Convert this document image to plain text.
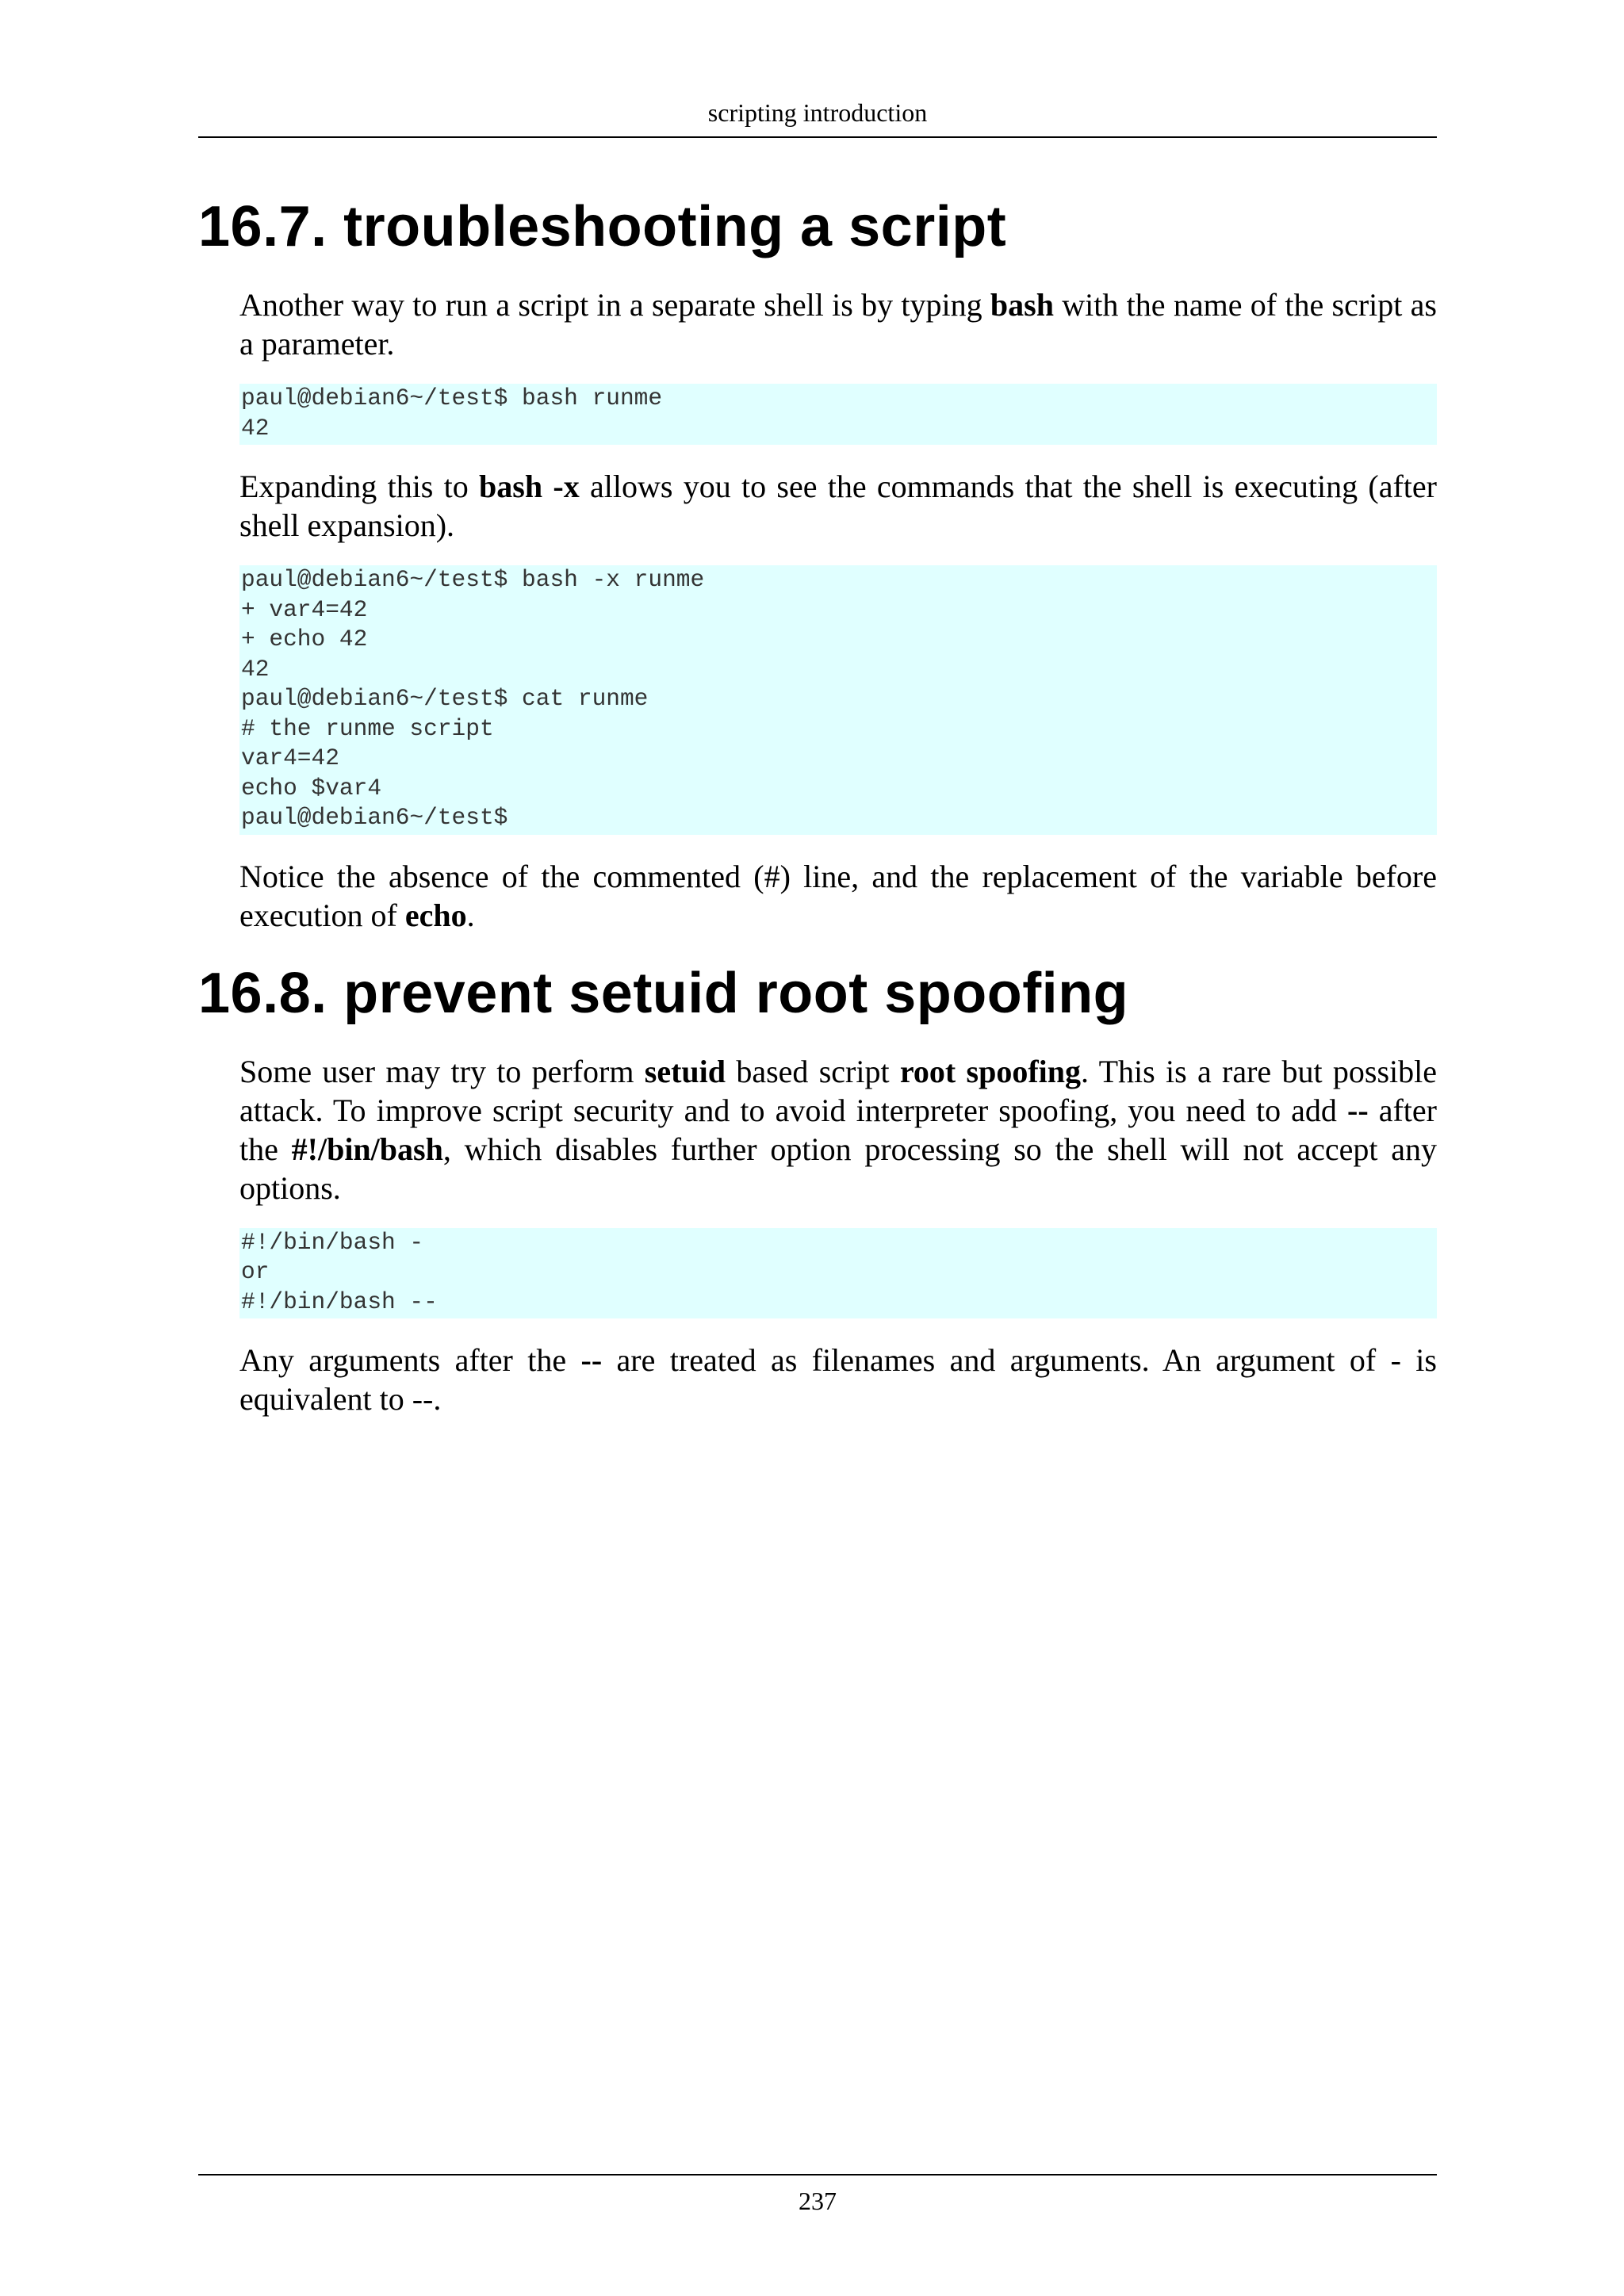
scripting introduction
16.7. troubleshooting a script

Another way to run a script in a separate shell is by typing bash with the name of the script as a parameter.

paul@debian6~/test$ bash runme
42

Expanding this to bash -x allows you to see the commands that the shell is executing (after shell expansion).

paul@debian6~/test$ bash -x runme
+ var4=42
+ echo 42
42
paul@debian6~/test$ cat runme
# the runme script
var4=42
echo $var4
paul@debian6~/test$

Notice the absence of the commented (#) line, and the replacement of the variable before execution of echo.

16.8. prevent setuid root spoofing

Some user may try to perform setuid based script root spoofing. This is a rare but possible attack. To improve script security and to avoid interpreter spoofing, you need to add -- after the #!/bin/bash, which disables further option processing so the shell will not accept any options.

#!/bin/bash -
or
#!/bin/bash --

Any arguments after the -- are treated as filenames and arguments. An argument of - is equivalent to --.

237
